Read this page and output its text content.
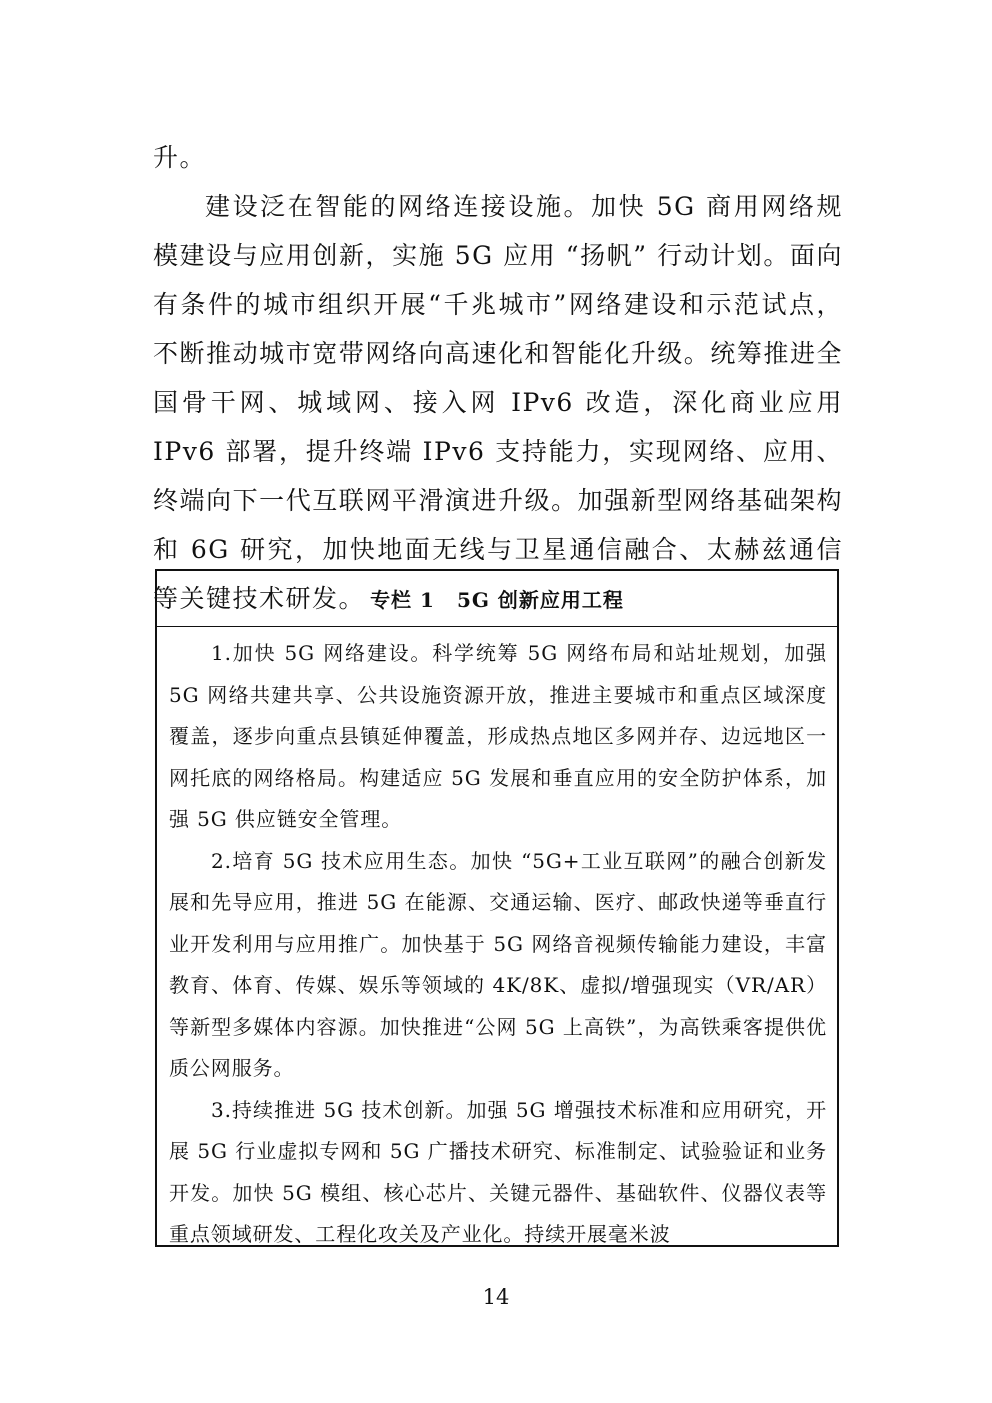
升。

建设泛在智能的网络连接设施。加快 5G 商用网络规模建设与应用创新，实施 5G 应用 “扬帆” 行动计划。面向有条件的城市组织开展“千兆城市”网络建设和示范试点，不断推动城市宽带网络向高速化和智能化升级。统筹推进全国骨干网、城域网、接入网 IPv6 改造，深化商业应用 IPv6 部署，提升终端 IPv6 支持能力，实现网络、应用、终端向下一代互联网平滑演进升级。加强新型网络基础架构和 6G 研究，加快地面无线与卫星通信融合、太赫兹通信等关键技术研发。 专栏 1 5G 创新应用工程

1.加快 5G 网络建设。科学统筹 5G 网络布局和站址规划，加强 5G 网络共建共享、公共设施资源开放，推进主要城市和重点区域深度覆盖，逐步向重点县镇延伸覆盖，形成热点地区多网并存、边远地区一网托底的网络格局。构建适应 5G 发展和垂直应用的安全防护体系，加强 5G 供应链安全管理。

2.培育 5G 技术应用生态。加快 “5G+工业互联网”的融合创新发展和先导应用，推进 5G 在能源、交通运输、医疗、邮政快递等垂直行业开发利用与应用推广。加快基于 5G 网络音视频传输能力建设，丰富教育、体育、传媒、娱乐等领域的 4K/8K、虚拟/增强现实（VR/AR）等新型多媒体内容源。加快推进“公网 5G 上高铁”，为高铁乘客提供优质公网服务。

3.持续推进 5G 技术创新。加强 5G 增强技术标准和应用研究，开展 5G 行业虚拟专网和 5G 广播技术研究、标准制定、试验验证和业务开发。加快 5G 模组、核心芯片、关键元器件、基础软件、仪器仪表等重点领域研发、工程化攻关及产业化。持续开展毫米波

14
